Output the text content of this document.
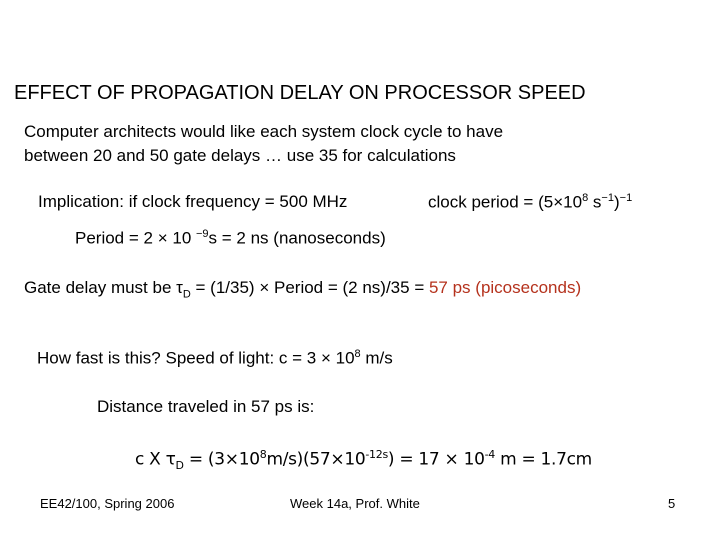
EFFECT OF PROPAGATION DELAY ON PROCESSOR SPEED
Computer architects would like each system clock cycle to have
between 20 and 50 gate delays … use 35 for calculations
Implication: if clock frequency = 500 MHz	clock period = ($5\times 10^8$ $s^{-1})^{-1}$
Period = 2 × 10 $^{-9}$s = 2 ns (nanoseconds)
Gate delay must be $\tau_D = (1/35)$ × Period = (2 ns)/35 = 57 ps (picoseconds)
How fast is this? Speed of light: $c = 3 \times 10^8$ m/s
Distance traveled in 57 ps is:
c X $\tau_D = (3\times 10^8m/s)(57\times 10^{-12s}) = 17 \times 10^{-4}$ m = 1.7cm
EE42/100, Spring 2006	Week 14a, Prof. White	5
